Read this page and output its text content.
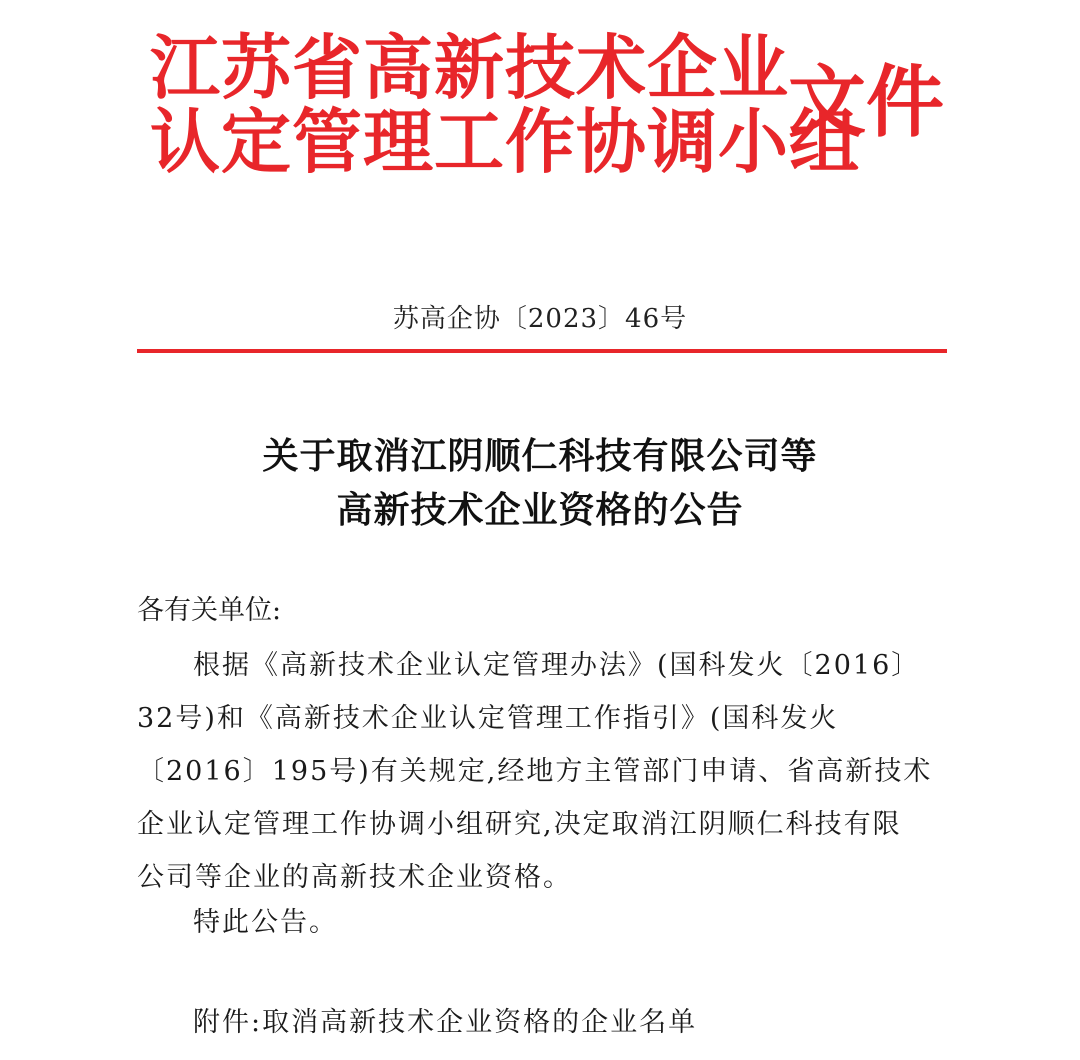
江苏省高新技术企业
认定管理工作协调小组
文件
苏高企协〔2023〕46号
关于取消江阴顺仁科技有限公司等
高新技术企业资格的公告
各有关单位:
根据《高新技术企业认定管理办法》(国科发火〔2016〕
32号)和《高新技术企业认定管理工作指引》(国科发火
〔2016〕195号)有关规定,经地方主管部门申请、省高新技术
企业认定管理工作协调小组研究,决定取消江阴顺仁科技有限
公司等企业的高新技术企业资格。
特此公告。
附件:取消高新技术企业资格的企业名单
